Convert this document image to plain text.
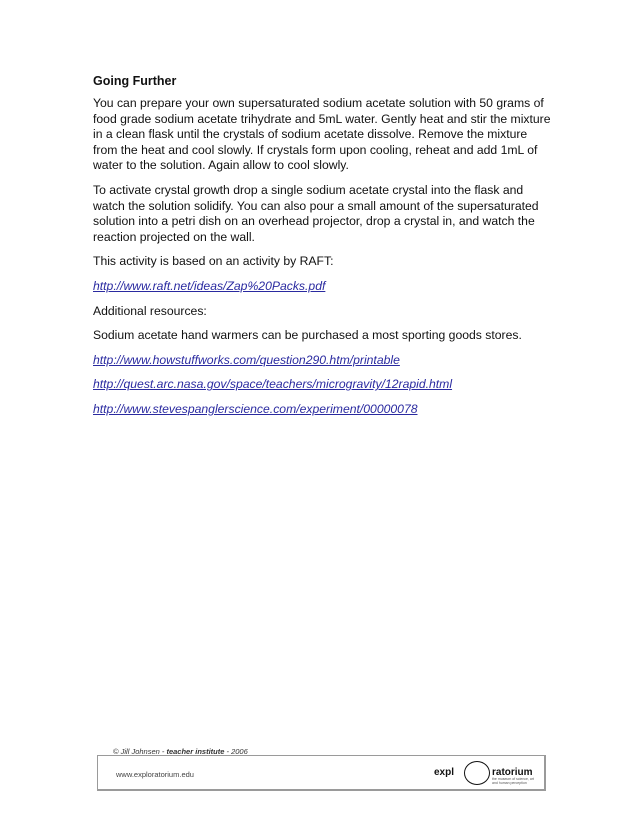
Going Further

You can prepare your own supersaturated sodium acetate solution with 50 grams of food grade sodium acetate trihydrate and 5mL water. Gently heat and stir the mixture in a clean flask until the crystals of sodium acetate dissolve. Remove the mixture from the heat and cool slowly. If crystals form upon cooling, reheat and add 1mL of water to the solution. Again allow to cool slowly.

To activate crystal growth drop a single sodium acetate crystal into the flask and watch the solution solidify. You can also pour a small amount of the supersaturated solution into a petri dish on an overhead projector, drop a crystal in, and watch the reaction projected on the wall.

This activity is based on an activity by RAFT:

http://www.raft.net/ideas/Zap%20Packs.pdf

Additional resources:

Sodium acetate hand warmers can be purchased a most sporting goods stores.

http://www.howstuffworks.com/question290.htm/printable

http://quest.arc.nasa.gov/space/teachers/microgravity/12rapid.html

http://www.stevespanglerscience.com/experiment/00000078

© Jill Johnsen - teacher institute - 2006
www.exploratorium.edu	expl	ratorium
the museum of science, art and human perception
